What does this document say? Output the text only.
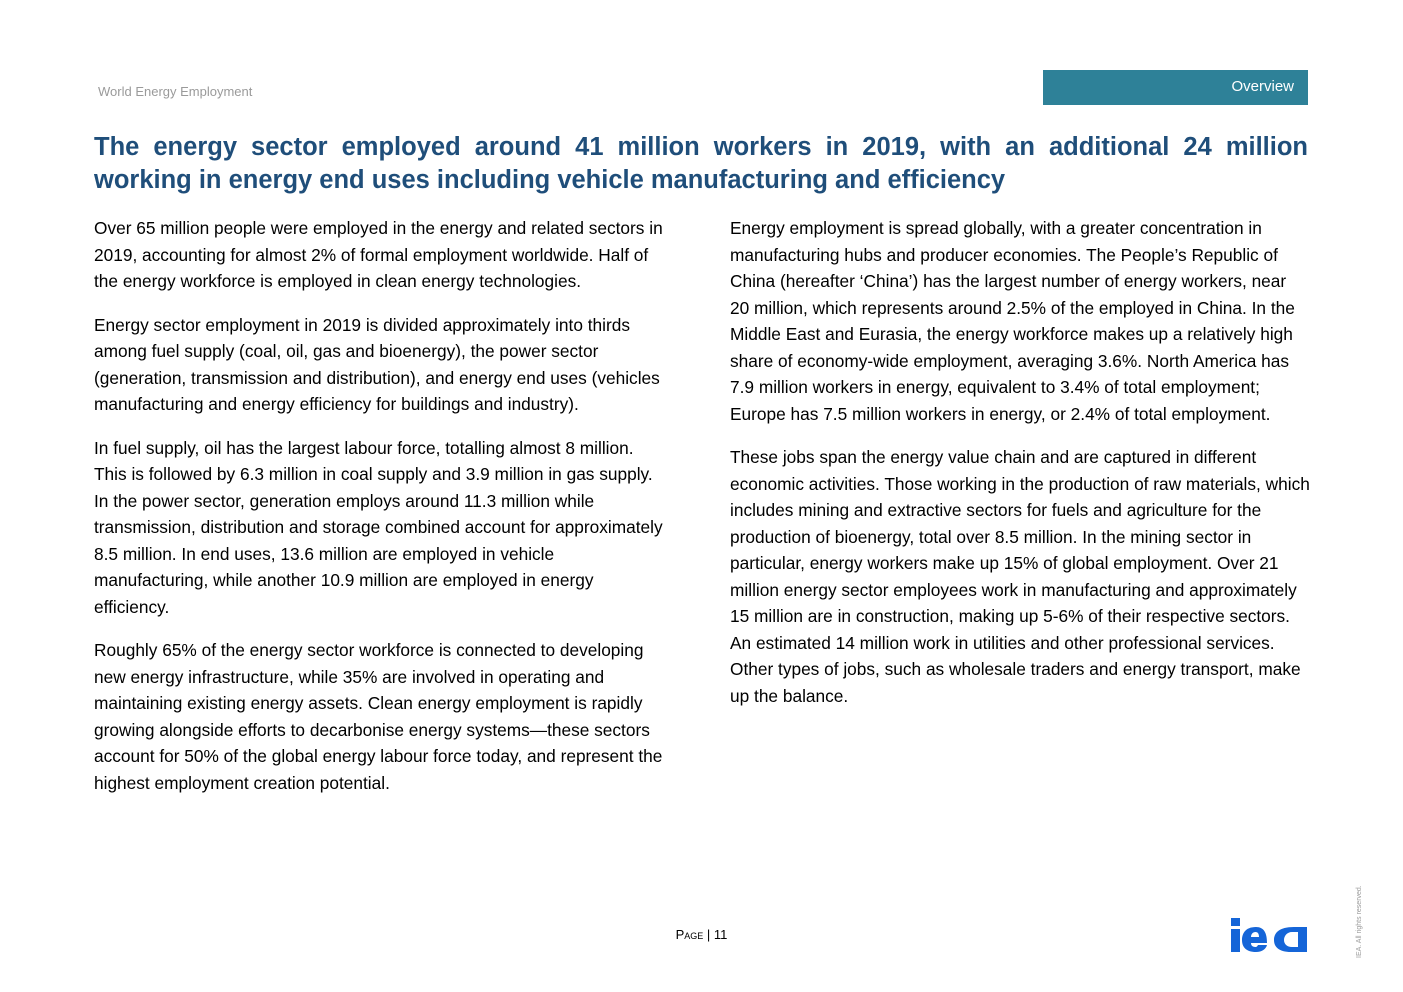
World Energy Employment	Overview
The energy sector employed around 41 million workers in 2019, with an additional 24 million working in energy end uses including vehicle manufacturing and efficiency

Over 65 million people were employed in the energy and related sectors in 2019, accounting for almost 2% of formal employment worldwide. Half of the energy workforce is employed in clean energy technologies.

Energy sector employment in 2019 is divided approximately into thirds among fuel supply (coal, oil, gas and bioenergy), the power sector (generation, transmission and distribution), and energy end uses (vehicles manufacturing and energy efficiency for buildings and industry).

In fuel supply, oil has the largest labour force, totalling almost 8 million. This is followed by 6.3 million in coal supply and 3.9 million in gas supply. In the power sector, generation employs around 11.3 million while transmission, distribution and storage combined account for approximately 8.5 million. In end uses, 13.6 million are employed in vehicle manufacturing, while another 10.9 million are employed in energy efficiency.

Roughly 65% of the energy sector workforce is connected to developing new energy infrastructure, while 35% are involved in operating and maintaining existing energy assets. Clean energy employment is rapidly growing alongside efforts to decarbonise energy systems—these sectors account for 50% of the global energy labour force today, and represent the highest employment creation potential.

Energy employment is spread globally, with a greater concentration in manufacturing hubs and producer economies. The People’s Republic of China (hereafter ‘China’) has the largest number of energy workers, near 20 million, which represents around 2.5% of the employed in China. In the Middle East and Eurasia, the energy workforce makes up a relatively high share of economy-wide employment, averaging 3.6%. North America has 7.9 million workers in energy, equivalent to 3.4% of total employment; Europe has 7.5 million workers in energy, or 2.4% of total employment.

These jobs span the energy value chain and are captured in different economic activities. Those working in the production of raw materials, which includes mining and extractive sectors for fuels and agriculture for the production of bioenergy, total over 8.5 million. In the mining sector in particular, energy workers make up 15% of global employment. Over 21 million energy sector employees work in manufacturing and approximately 15 million are in construction, making up 5-6% of their respective sectors. An estimated 14 million work in utilities and other professional services. Other types of jobs, such as wholesale traders and energy transport, make up the balance.

Page | 11	IEA. All rights reserved.
